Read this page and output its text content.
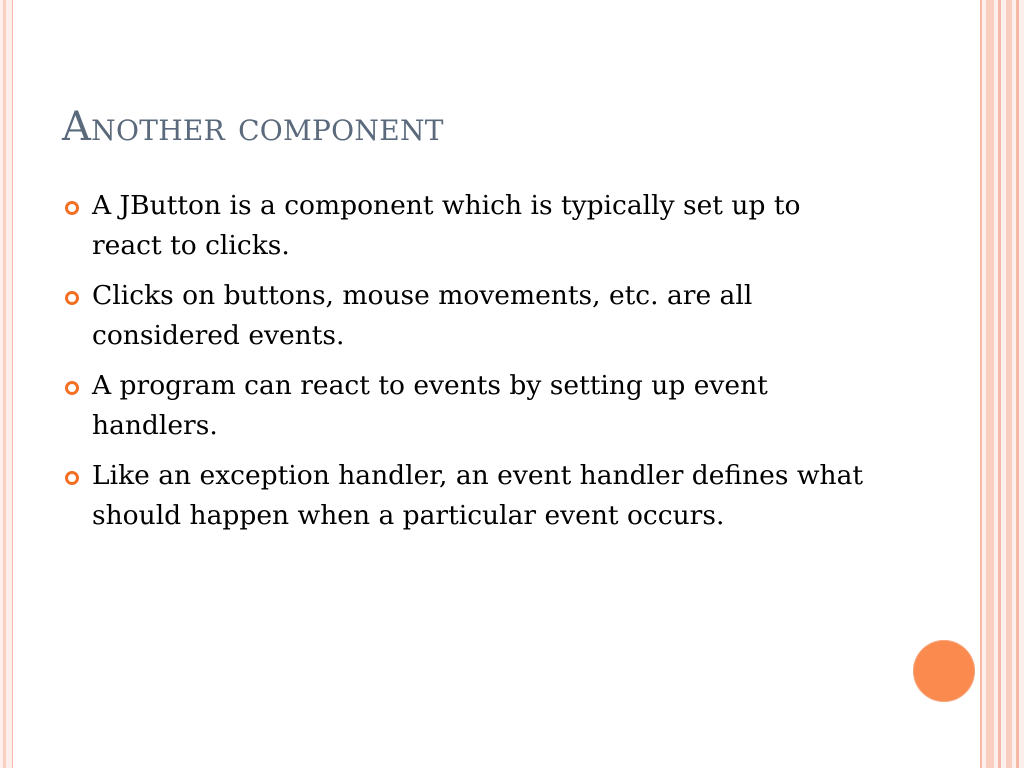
Another component
A JButton is a component which is typically set up to react to clicks.
Clicks on buttons, mouse movements, etc. are all considered events.
A program can react to events by setting up event handlers.
Like an exception handler, an event handler defines what should happen when a particular event occurs.
